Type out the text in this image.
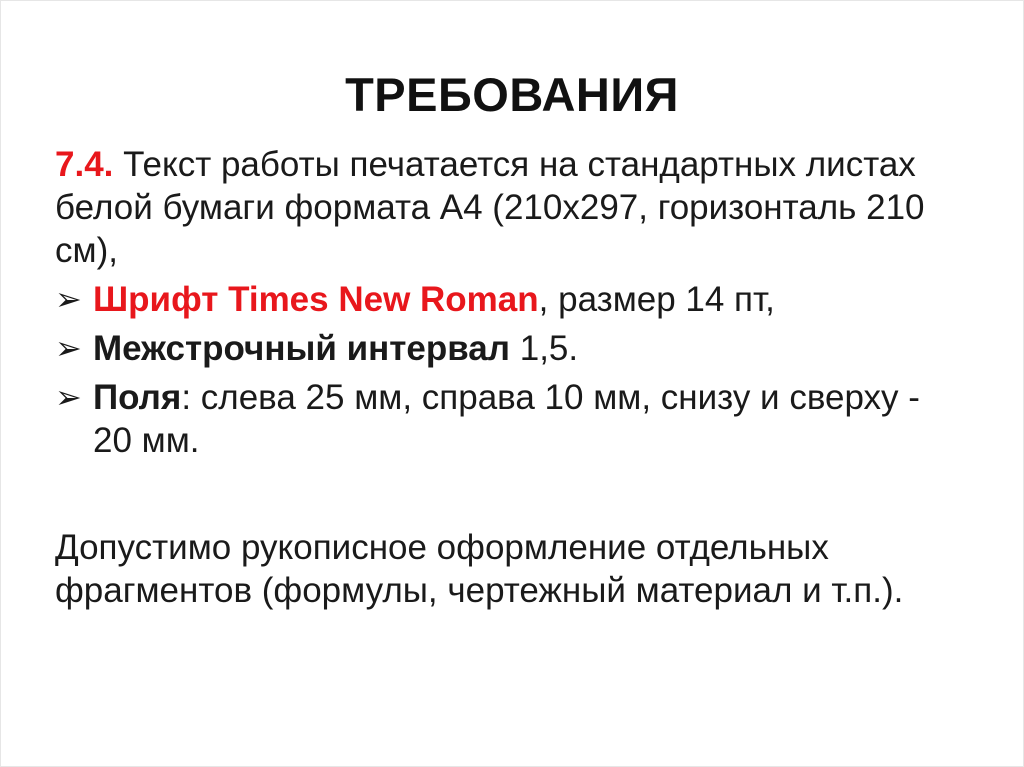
ТРЕБОВАНИЯ

7.4. Текст работы печатается на стандартных листах белой бумаги формата А4 (210х297, горизонталь 210 см),

➢ Шрифт Times New Roman, размер 14 пт,
➢ Межстрочный интервал 1,5.
➢ Поля: слева 25 мм, справа 10 мм, снизу и сверху - 20 мм.

Допустимо рукописное оформление отдельных фрагментов (формулы, чертежный материал и т.п.).
